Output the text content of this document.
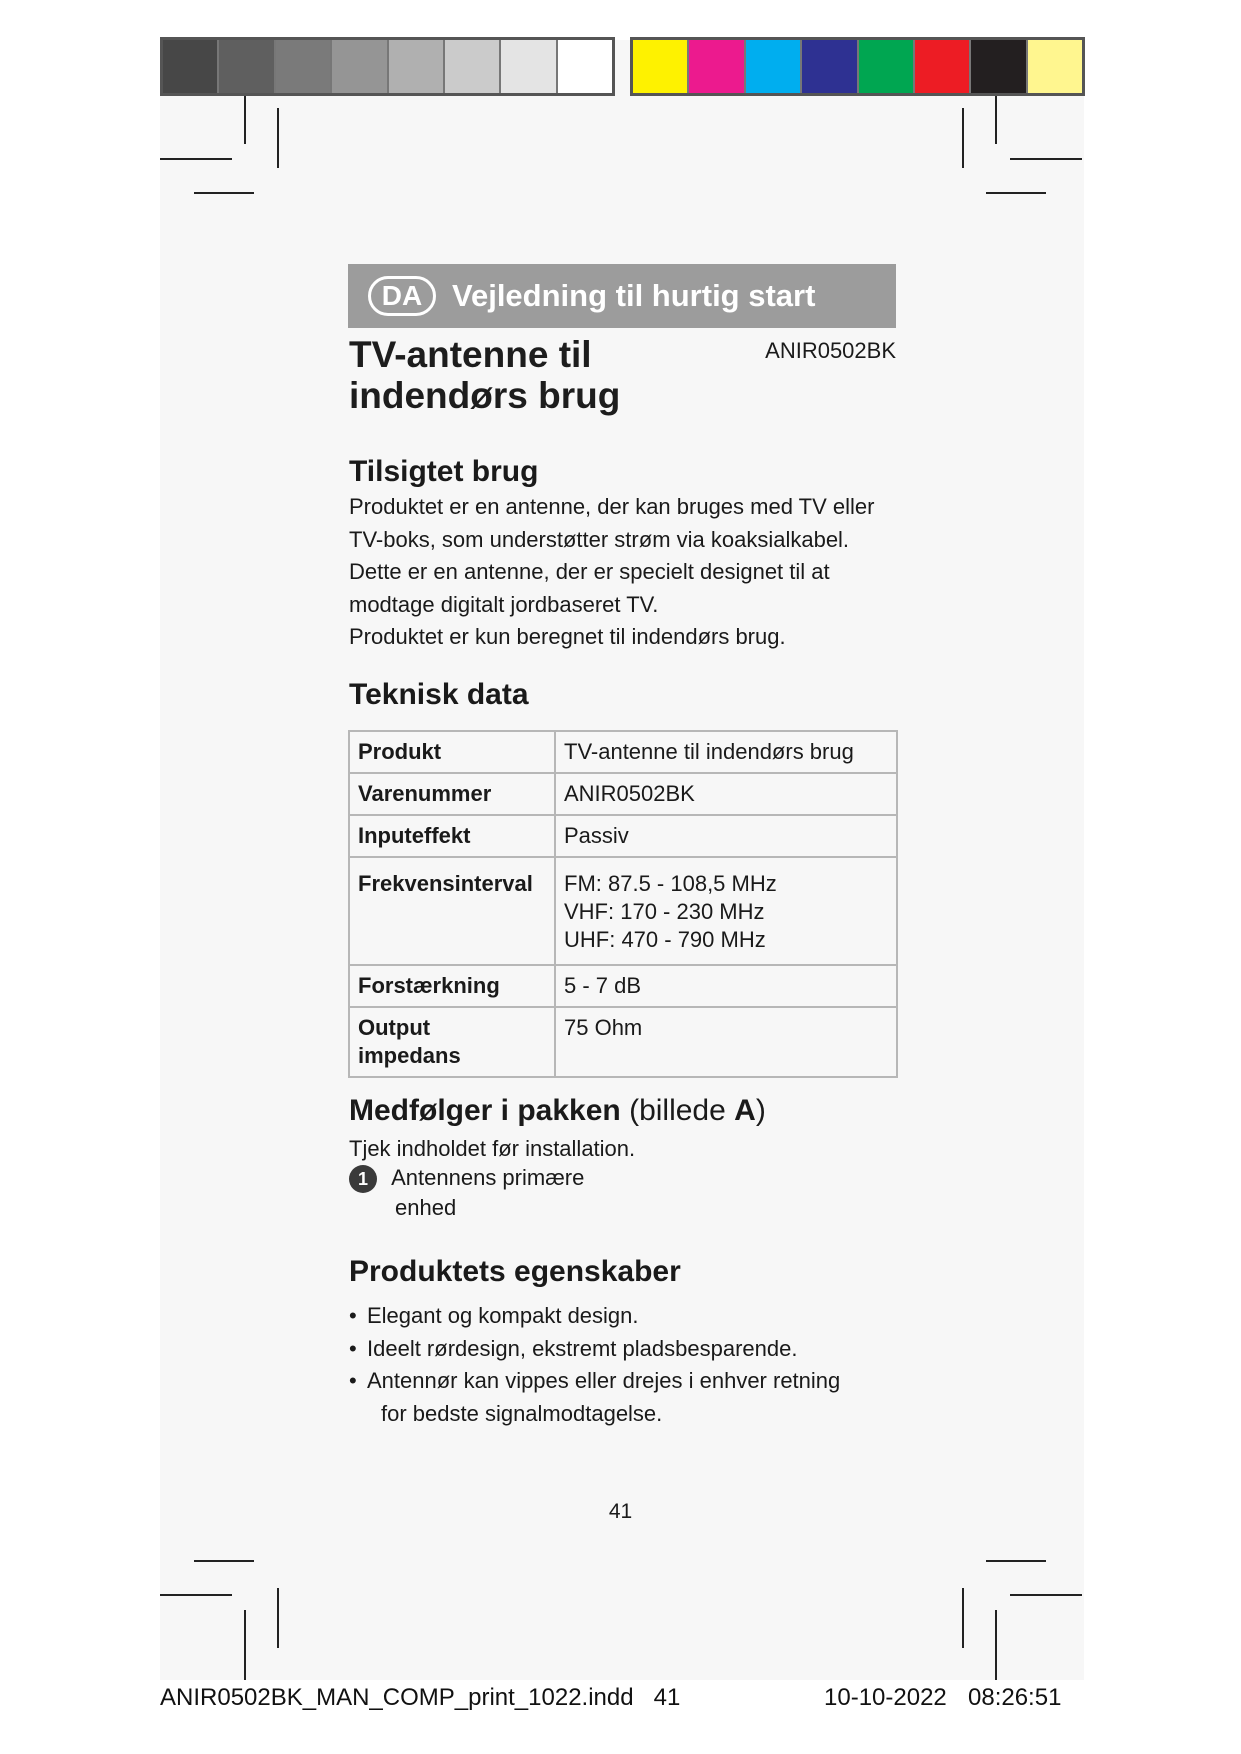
DA Vejledning til hurtig start
TV-antenne til indendørs brug
ANIR0502BK
Tilsigtet brug
Produktet er en antenne, der kan bruges med TV eller
TV-boks, som understøtter strøm via koaksialkabel.
Dette er en antenne, der er specielt designet til at
modtage digitalt jordbaseret TV.
Produktet er kun beregnet til indendørs brug.
Teknisk data
Produkt	TV-antenne til indendørs brug
Varenummer	ANIR0502BK
Inputeffekt	Passiv
Frekvensinterval	FM: 87.5 - 108,5 MHz
VHF: 170 - 230 MHz
UHF: 470 - 790 MHz

Forstærkning	5 - 7 dB

Output
impedans	75 Ohm
Medfølger i pakken (billede A)
Tjek indholdet før installation.
1 Antennens primære
enhed
Produktets egenskaber
• Elegant og kompakt design.
• Ideelt rørdesign, ekstremt pladsbesparende.
• Antennør kan vippes eller drejes i enhver retning
for bedste signalmodtagelse.
41
ANIR0502BK_MAN_COMP_print_1022.indd   41	10-10-2022 08:26:51
